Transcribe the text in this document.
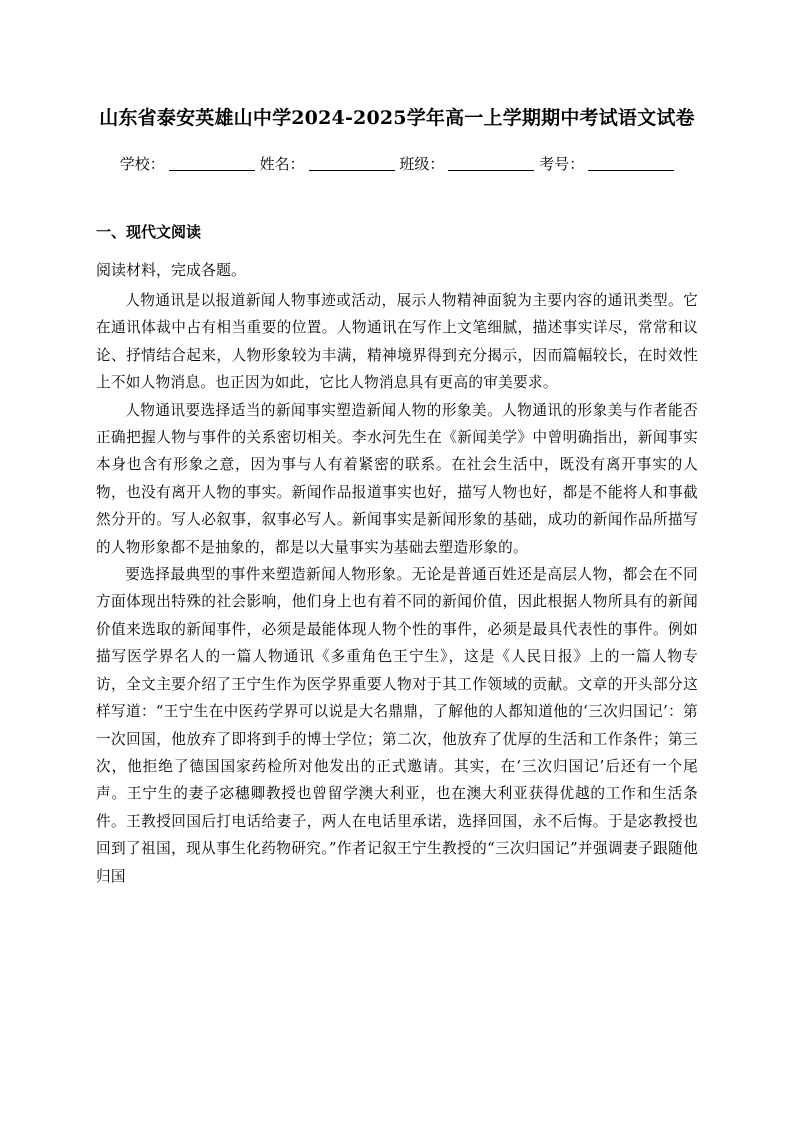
山东省泰安英雄山中学2024-2025学年高一上学期期中考试语文试卷
学校：	姓名：	班级：	考号：
一、现代文阅读
阅读材料，完成各题。

人物通讯是以报道新闻人物事迹或活动，展示人物精神面貌为主要内容的通讯类型。它在通讯体裁中占有相当重要的位置。人物通讯在写作上文笔细腻，描述事实详尽，常常和议论、抒情结合起来，人物形象较为丰满，精神境界得到充分揭示，因而篇幅较长，在时效性上不如人物消息。也正因为如此，它比人物消息具有更高的审美要求。

人物通讯要选择适当的新闻事实塑造新闻人物的形象美。人物通讯的形象美与作者能否正确把握人物与事件的关系密切相关。李水河先生在《新闻美学》中曾明确指出，新闻事实本身也含有形象之意，因为事与人有着紧密的联系。在社会生活中，既没有离开事实的人物，也没有离开人物的事实。新闻作品报道事实也好，描写人物也好，都是不能将人和事截然分开的。写人必叙事，叙事必写人。新闻事实是新闻形象的基础，成功的新闻作品所描写的人物形象都不是抽象的，都是以大量事实为基础去塑造形象的。

要选择最典型的事件来塑造新闻人物形象。无论是普通百姓还是高层人物，都会在不同方面体现出特殊的社会影响，他们身上也有着不同的新闻价值，因此根据人物所具有的新闻价值来选取的新闻事件，必须是最能体现人物个性的事件，必须是最具代表性的事件。例如描写医学界名人的一篇人物通讯《多重角色王宁生》，这是《人民日报》上的一篇人物专访，全文主要介绍了王宁生作为医学界重要人物对于其工作领域的贡献。文章的开头部分这样写道：“王宁生在中医药学界可以说是大名鼎鼎，了解他的人都知道他的‘三次归国记’：第一次回国，他放弃了即将到手的博士学位；第二次，他放弃了优厚的生活和工作条件；第三次，他拒绝了德国国家药检所对他发出的正式邀请。其实，在‘三次归国记’后还有一个尾声。王宁生的妻子宓穗卿教授也曾留学澳大利亚，也在澳大利亚获得优越的工作和生活条件。王教授回国后打电话给妻子，两人在电话里承诺，选择回国，永不后悔。于是宓教授也回到了祖国，现从事生化药物研究。”作者记叙王宁生教授的“三次归国记”并强调妻子跟随他归国
